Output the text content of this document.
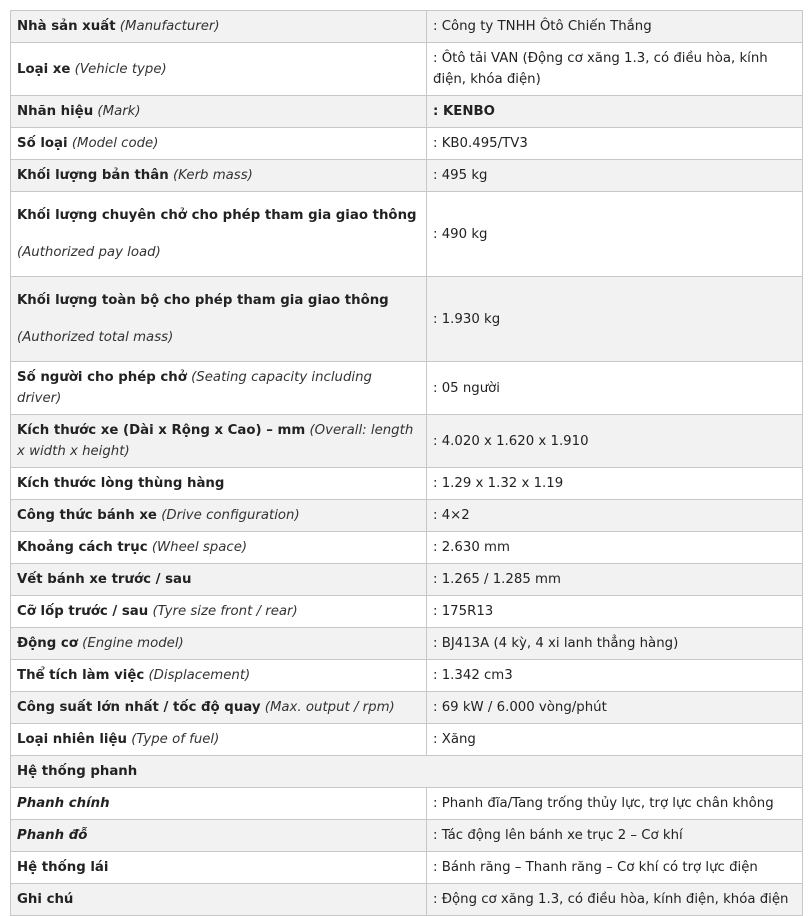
Nhà sản xuất (Manufacturer)	: Công ty TNHH Ôtô Chiến Thắng
Loại xe (Vehicle type)	: Ôtô tải VAN (Động cơ xăng 1.3, có điều hòa, kính điện, khóa điện)
Nhãn hiệu (Mark)	: KENBO
Số loại (Model code)	: KB0.495/TV3
Khối lượng bản thân (Kerb mass)	: 495 kg

Khối lượng chuyên chở cho phép tham gia giao thông
(Authorized pay load)	: 490 kg

Khối lượng toàn bộ cho phép tham gia giao thông
(Authorized total mass)	: 1.930 kg
Số người cho phép chở (Seating capacity including driver)	: 05 người
Kích thước xe (Dài x Rộng x Cao) – mm (Overall: length x width x height)	: 4.020 x 1.620 x 1.910
Kích thước lòng thùng hàng	: 1.29 x 1.32 x 1.19
Công thức bánh xe (Drive configuration)	: 4×2
Khoảng cách trục (Wheel space)	: 2.630 mm
Vết bánh xe trước / sau	: 1.265 / 1.285 mm
Cỡ lốp trước / sau (Tyre size front / rear)	: 175R13
Động cơ (Engine model)	: BJ413A (4 kỳ, 4 xi lanh thẳng hàng)
Thể tích làm việc (Displacement)	: 1.342 cm3
Công suất lớn nhất / tốc độ quay (Max. output / rpm)	: 69 kW / 6.000 vòng/phút
Loại nhiên liệu (Type of fuel)	: Xăng
Hệ thống phanh	
Phanh chính	: Phanh đĩa/Tang trống thủy lực, trợ lực chân không
Phanh đỗ	: Tác động lên bánh xe trục 2 – Cơ khí
Hệ thống lái	: Bánh răng – Thanh răng – Cơ khí có trợ lực điện
Ghi chú	: Động cơ xăng 1.3, có điều hòa, kính điện, khóa điện
